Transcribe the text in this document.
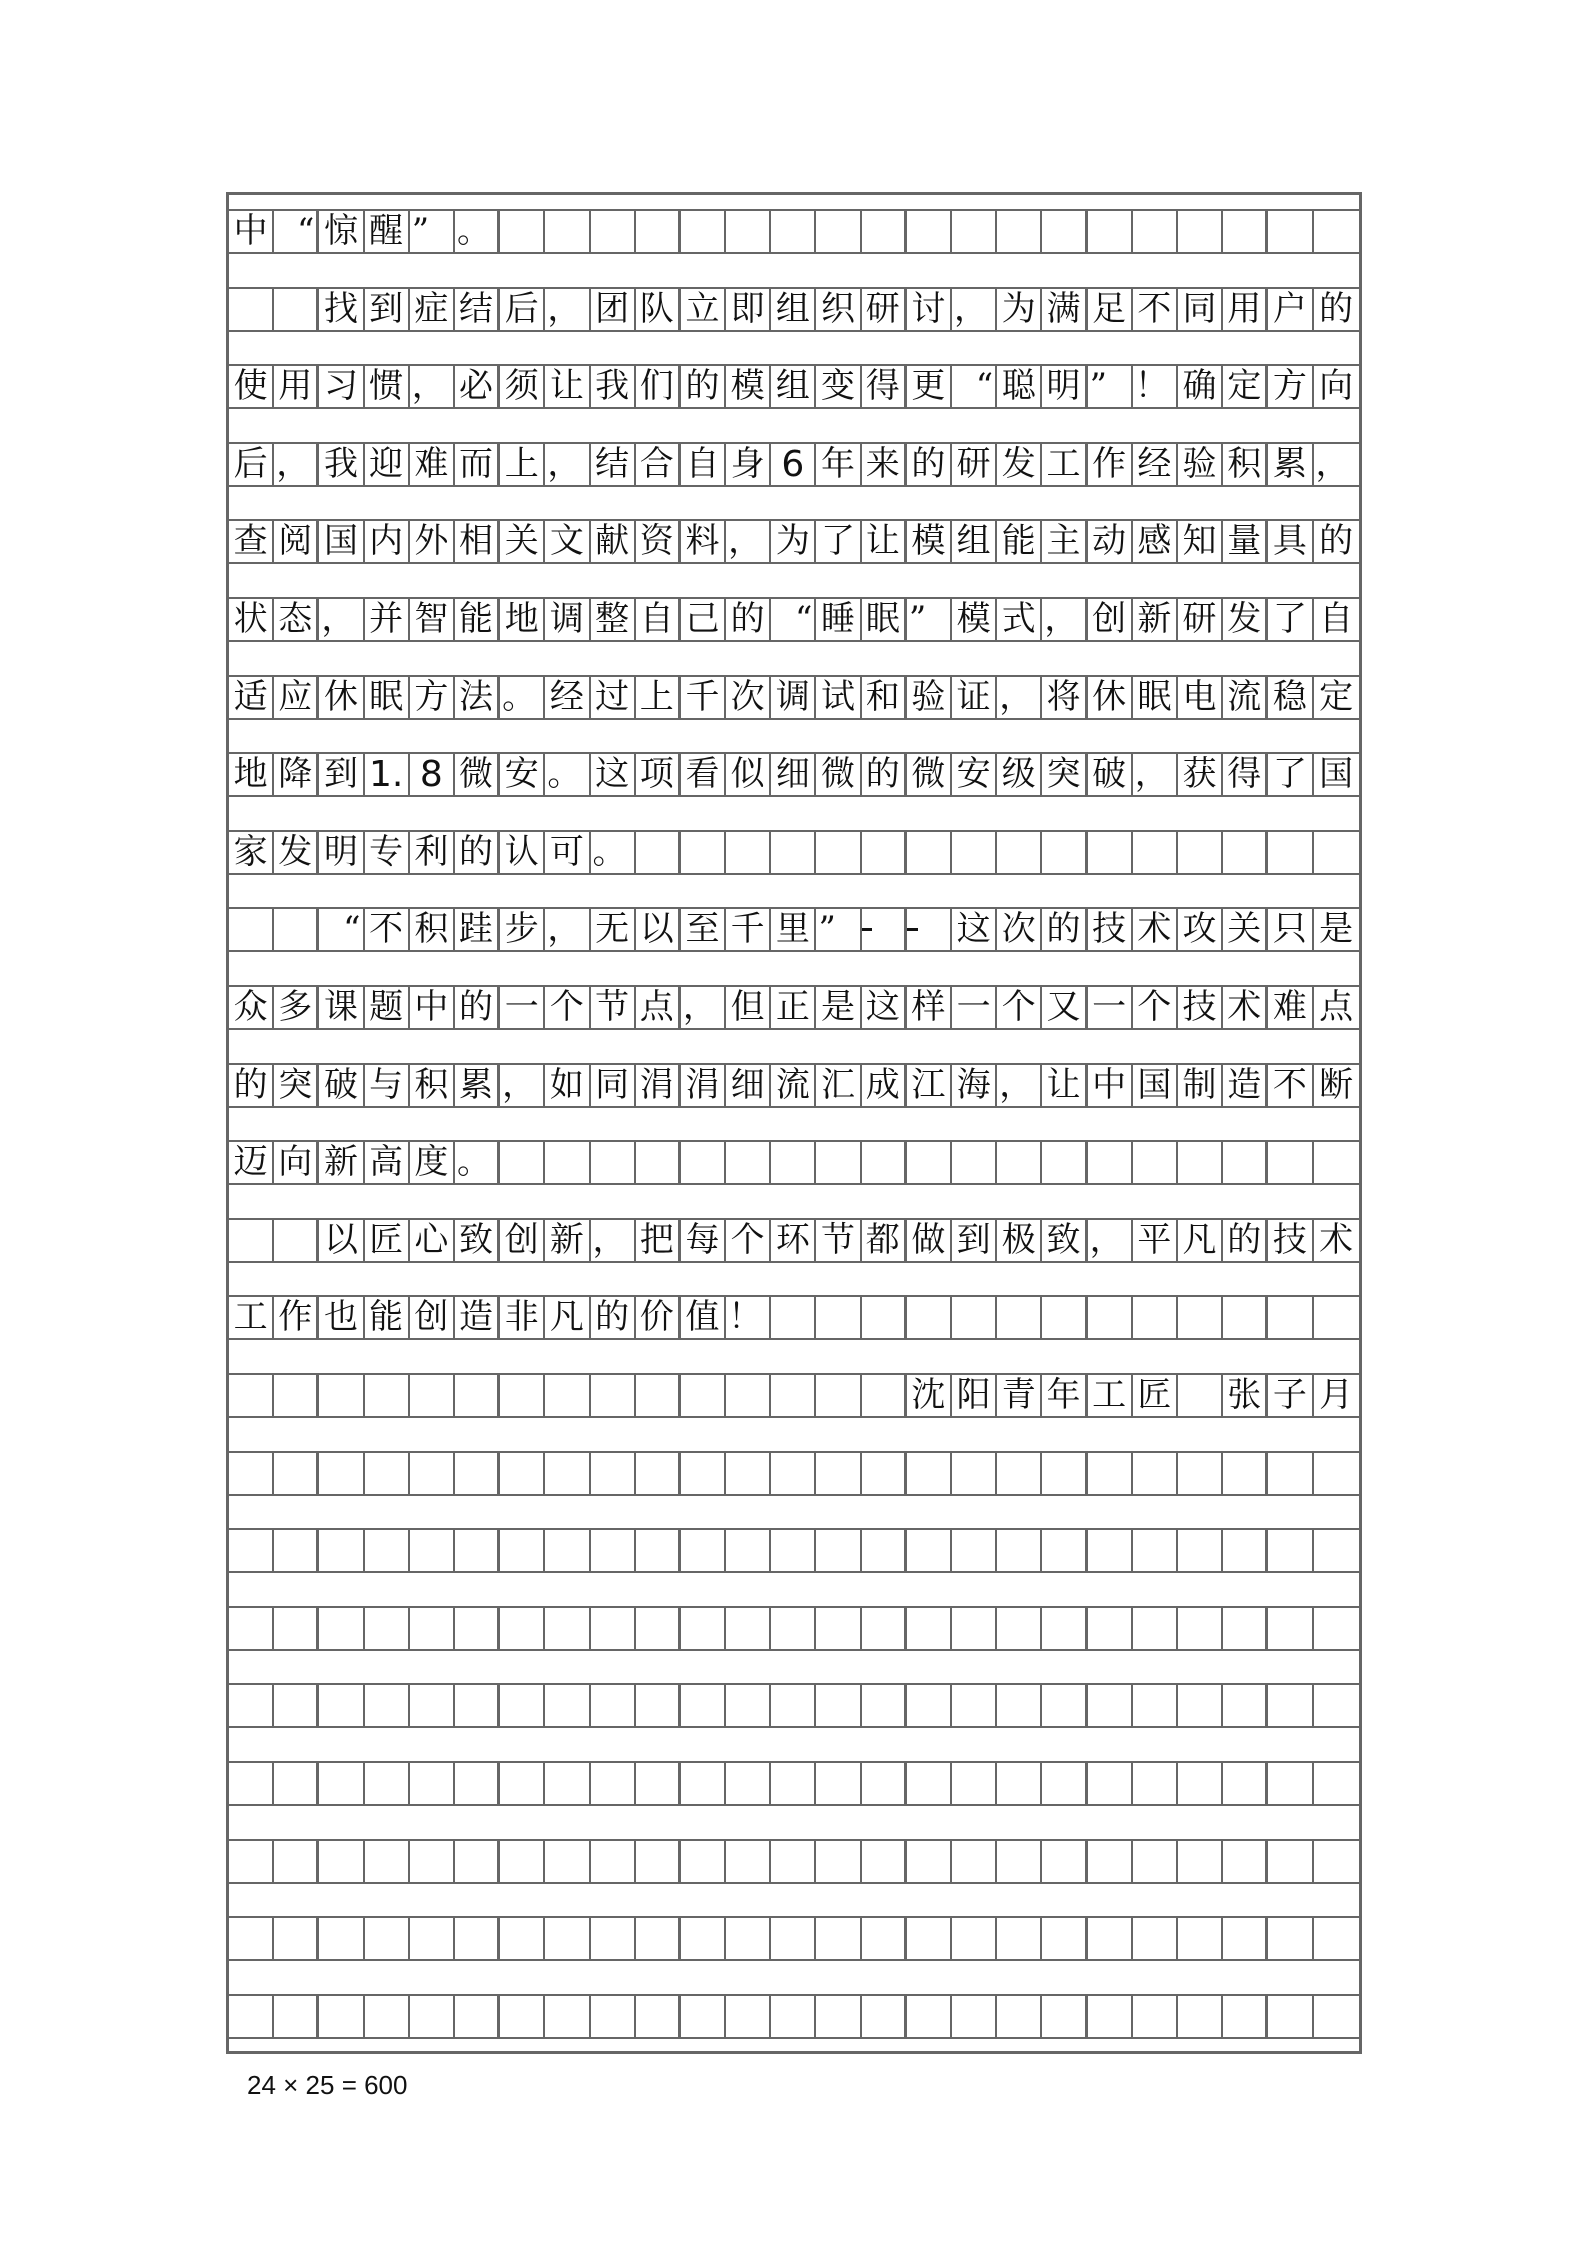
中 “ 惊 醒 ” 。
找 到 症 结 后 ， 团 队 立 即 组 织 研 讨 ， 为 满 足 不 同 用 户 的
使 用 习 惯 ， 必 须 让 我 们 的 模 组 变 得 更 “ 聪 明 ” ！ 确 定 方 向
后 ， 我 迎 难 而 上 ， 结 合 自 身 6 年 来 的 研 发 工 作 经 验 积 累 ，
查 阅 国 内 外 相 关 文 献 资 料 ， 为 了 让 模 组 能 主 动 感 知 量 具 的
状 态 ， 并 智 能 地 调 整 自 己 的 “ 睡 眠 ” 模 式 ， 创 新 研 发 了 自
适 应 休 眠 方 法 。 经 过 上 千 次 调 试 和 验 证 ， 将 休 眠 电 流 稳 定
地 降 到 1. 8 微 安 。 这 项 看 似 细 微 的 微 安 级 突 破 ， 获 得 了 国
家 发 明 专 利 的 认 可 。
“ 不 积 跬 步 ， 无 以 至 千 里 ”	这 次 的 技 术 攻 关 只 是
众 多 课 题 中 的 一 个 节 点 ， 但 正 是 这 样 一 个 又 一 个 技 术 难 点
的 突 破 与 积 累 ， 如 同 涓 涓 细 流 汇 成 江 海 ， 让 中 国 制 造 不 断
迈 向 新 高 度 。
以 匠 心 致 创 新 ， 把 每 个 环 节 都 做 到 极 致 ， 平 凡 的 技 术
工 作 也 能 创 造 非 凡 的 价 值 ！
沈 阳 青 年 工 匠 张 子 月
24 × 25 = 600
